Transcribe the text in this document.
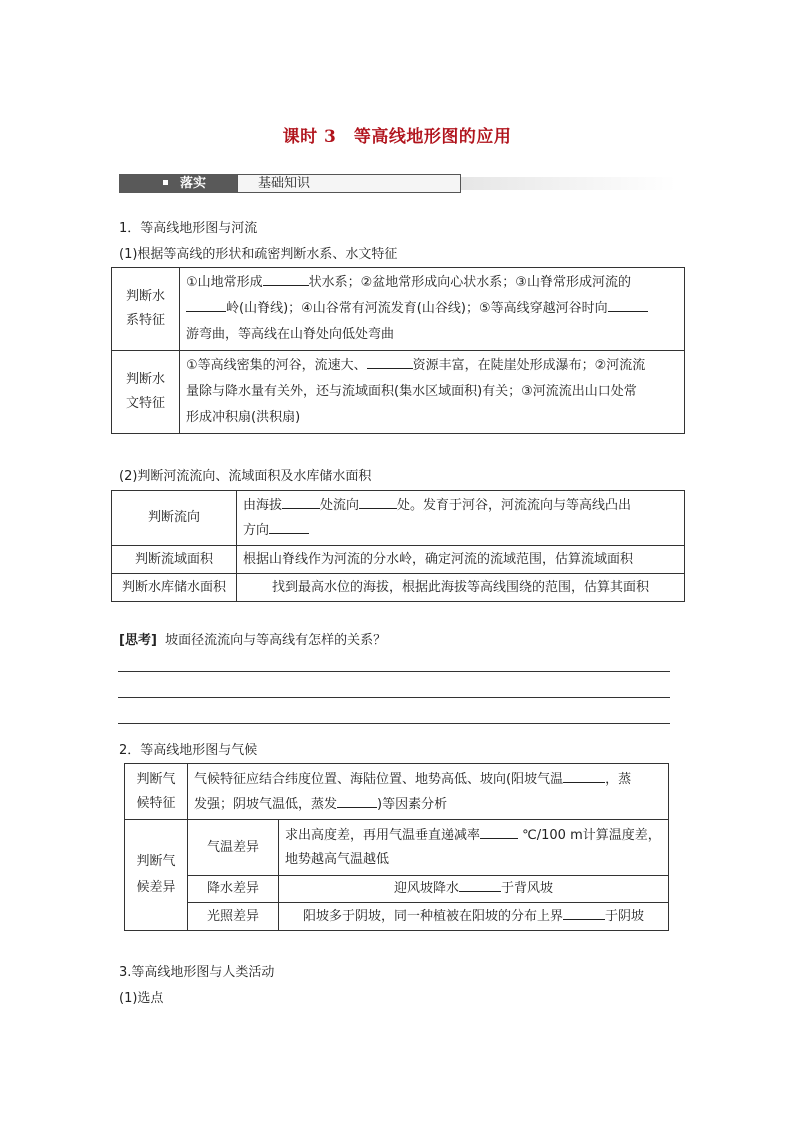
课时 3　等高线地形图的应用
落实	基础知识
1．等高线地形图与河流
(1)根据等高线的形状和疏密判断水系、水文特征
判断水
系特征	①山地常形成 状水系；②盆地常形成向心状水系；③山脊常形成河流的
岭(山脊线)；④山谷常有河流发育(山谷线)；⑤等高线穿越河谷时向
游弯曲，等高线在山脊处向低处弯曲
判断水
文特征	①等高线密集的河谷，流速大、 资源丰富，在陡崖处形成瀑布；②河流流
量除与降水量有关外，还与流域面积(集水区域面积)有关；③河流流出山口处常
形成冲积扇(洪积扇)
(2)判断河流流向、流域面积及水库储水面积
判断流向	由海拔 处流向 处。发育于河谷，河流流向与等高线凸出
方向
判断流域面积	根据山脊线作为河流的分水岭，确定河流的流域范围，估算流域面积
判断水库储水面积	找到最高水位的海拔，根据此海拔等高线围绕的范围，估算其面积
[思考] 坡面径流流向与等高线有怎样的关系？
2．等高线地形图与气候
判断气
候特征	气候特征应结合纬度位置、海陆位置、地势高低、坡向(阳坡气温 ，蒸
发强；阴坡气温低，蒸发 )等因素分析	
判断气
候差异	气温差异	求出高度差，再用气温垂直递减率 ℃/100 m计算温度差，
地势越高气温越低
	降水差异	迎风坡降水 于背风坡
	光照差异	阳坡多于阴坡，同一种植被在阳坡的分布上界 于阴坡
3.等高线地形图与人类活动
(1)选点
